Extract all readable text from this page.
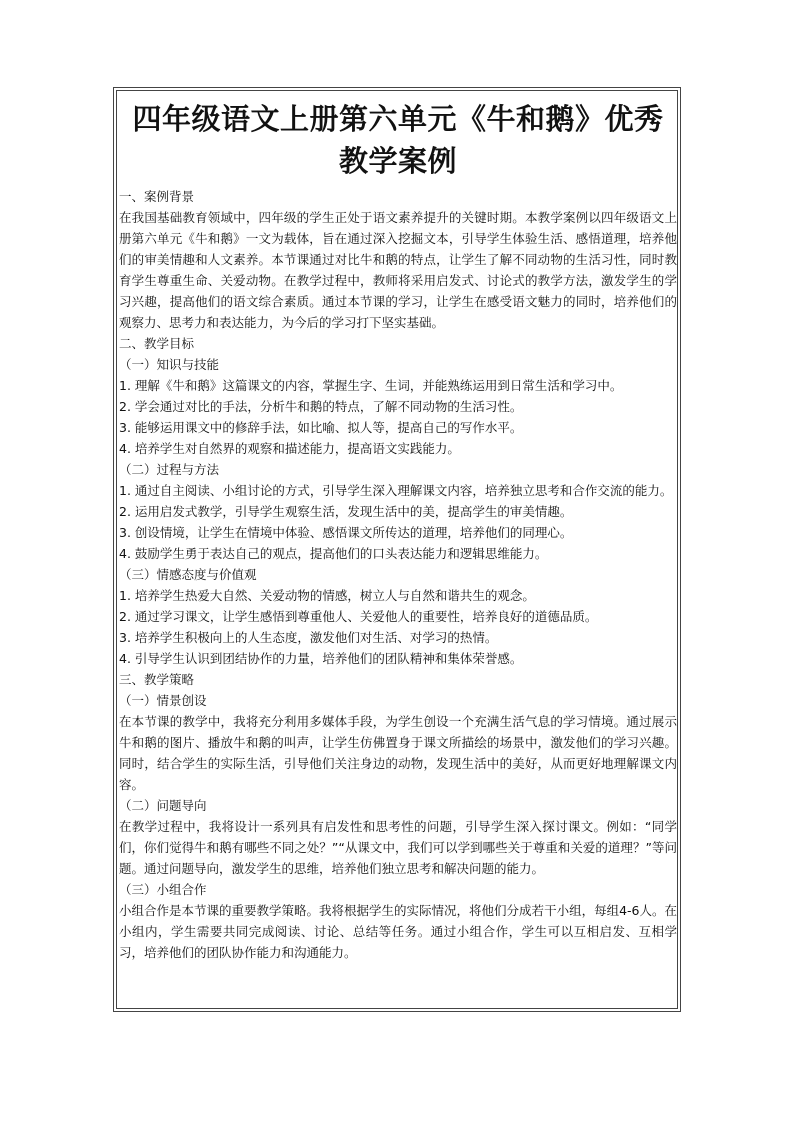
四年级语文上册第六单元《牛和鹅》优秀教学案例

一、案例背景

在我国基础教育领域中，四年级的学生正处于语文素养提升的关键时期。本教学案例以四年级语文上册第六单元《牛和鹅》一文为载体，旨在通过深入挖掘文本，引导学生体验生活、感悟道理，培养他们的审美情趣和人文素养。本节课通过对比牛和鹅的特点，让学生了解不同动物的生活习性，同时教育学生尊重生命、关爱动物。在教学过程中，教师将采用启发式、讨论式的教学方法，激发学生的学习兴趣，提高他们的语文综合素质。通过本节课的学习，让学生在感受语文魅力的同时，培养他们的观察力、思考力和表达能力，为今后的学习打下坚实基础。

二、教学目标

（一）知识与技能

1. 理解《牛和鹅》这篇课文的内容，掌握生字、生词，并能熟练运用到日常生活和学习中。

2. 学会通过对比的手法，分析牛和鹅的特点，了解不同动物的生活习性。

3. 能够运用课文中的修辞手法，如比喻、拟人等，提高自己的写作水平。

4. 培养学生对自然界的观察和描述能力，提高语文实践能力。

（二）过程与方法

1. 通过自主阅读、小组讨论的方式，引导学生深入理解课文内容，培养独立思考和合作交流的能力。

2. 运用启发式教学，引导学生观察生活，发现生活中的美，提高学生的审美情趣。

3. 创设情境，让学生在情境中体验、感悟课文所传达的道理，培养他们的同理心。

4. 鼓励学生勇于表达自己的观点，提高他们的口头表达能力和逻辑思维能力。

（三）情感态度与价值观

1. 培养学生热爱大自然、关爱动物的情感，树立人与自然和谐共生的观念。

2. 通过学习课文，让学生感悟到尊重他人、关爱他人的重要性，培养良好的道德品质。

3. 培养学生积极向上的人生态度，激发他们对生活、对学习的热情。

4. 引导学生认识到团结协作的力量，培养他们的团队精神和集体荣誉感。

三、教学策略

（一）情景创设

在本节课的教学中，我将充分利用多媒体手段，为学生创设一个充满生活气息的学习情境。通过展示牛和鹅的图片、播放牛和鹅的叫声，让学生仿佛置身于课文所描绘的场景中，激发他们的学习兴趣。同时，结合学生的实际生活，引导他们关注身边的动物，发现生活中的美好，从而更好地理解课文内容。

（二）问题导向

在教学过程中，我将设计一系列具有启发性和思考性的问题，引导学生深入探讨课文。例如：“同学们，你们觉得牛和鹅有哪些不同之处？”“从课文中，我们可以学到哪些关于尊重和关爱的道理？”等问题。通过问题导向，激发学生的思维，培养他们独立思考和解决问题的能力。

（三）小组合作

小组合作是本节课的重要教学策略。我将根据学生的实际情况，将他们分成若干小组，每组4-6人。在小组内，学生需要共同完成阅读、讨论、总结等任务。通过小组合作，学生可以互相启发、互相学习，培养他们的团队协作能力和沟通能力。
